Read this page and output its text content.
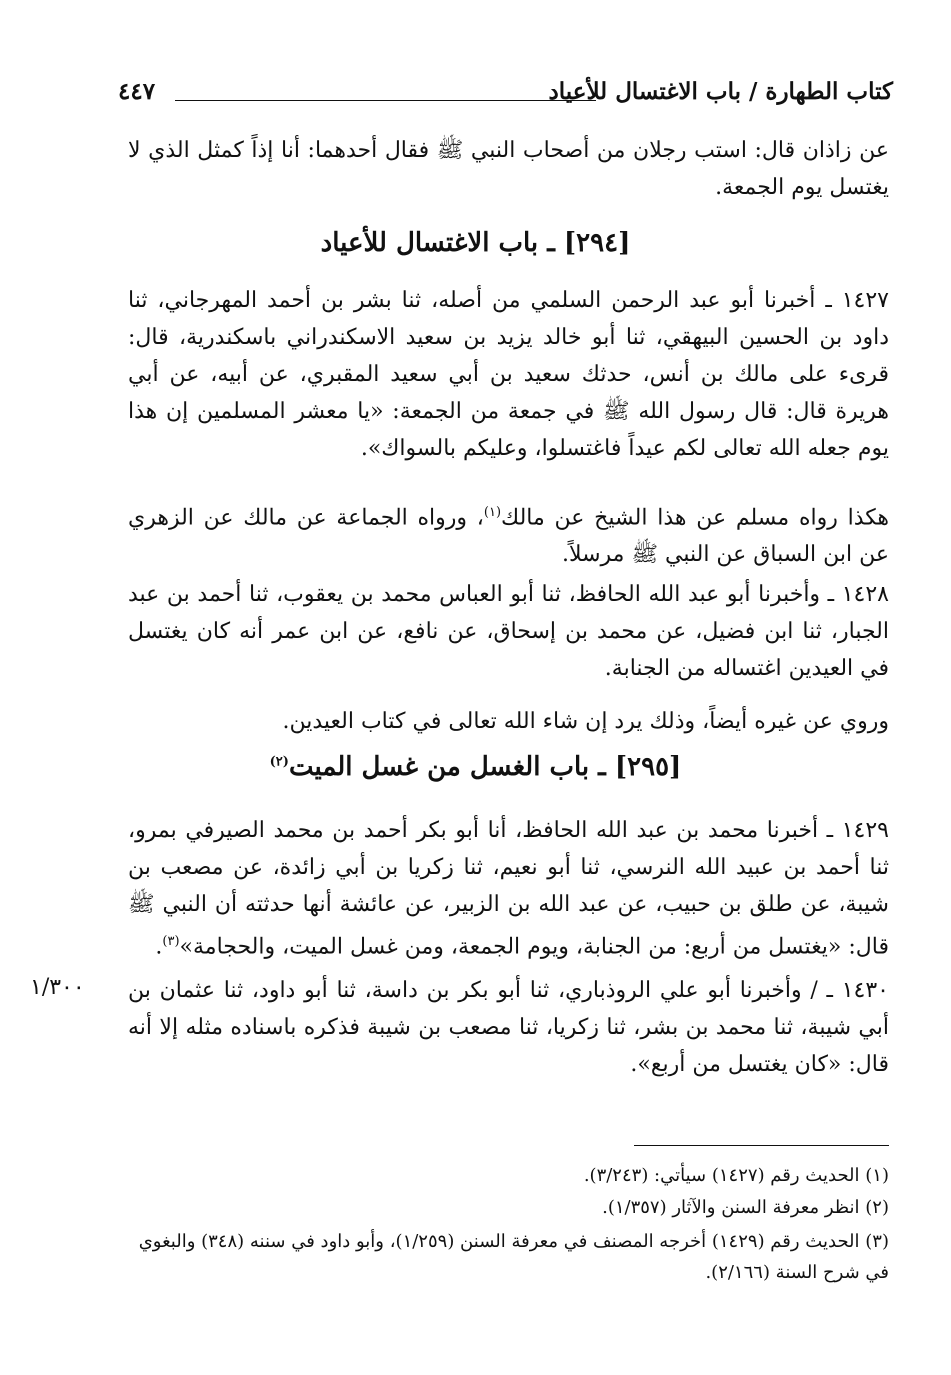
كتاب الطهارة / باب الاغتسال للأعياد
٤٤٧
عن زاذان قال: استب رجلان من أصحاب النبي ﷺ فقال أحدهما: أنا إذاً كمثل الذي لا يغتسل يوم الجمعة.
[٢٩٤] ـ باب الاغتسال للأعياد
١٤٢٧ ـ أخبرنا أبو عبد الرحمن السلمي من أصله، ثنا بشر بن أحمد المهرجاني، ثنا داود بن الحسين البيهقي، ثنا أبو خالد يزيد بن سعيد الاسكندراني باسكندرية، قال: قرىء على مالك بن أنس، حدثك سعيد بن أبي سعيد المقبري، عن أبيه، عن أبي هريرة قال: قال رسول الله ﷺ في جمعة من الجمعة: «يا معشر المسلمين إن هذا يوم جعله الله تعالى لكم عيداً فاغتسلوا، وعليكم بالسواك».
هكذا رواه مسلم عن هذا الشيخ عن مالك$^{(١)}$، ورواه الجماعة عن مالك عن الزهري عن ابن السباق عن النبي ﷺ مرسلاً.
١٤٢٨ ـ وأخبرنا أبو عبد الله الحافظ، ثنا أبو العباس محمد بن يعقوب، ثنا أحمد بن عبد الجبار، ثنا ابن فضيل، عن محمد بن إسحاق، عن نافع، عن ابن عمر أنه كان يغتسل في العيدين اغتساله من الجنابة.
وروي عن غيره أيضاً، وذلك يرد إن شاء الله تعالى في كتاب العيدين.
[٢٩٥] ـ باب الغسل من غسل الميت$^{(٢)}$
١٤٢٩ ـ أخبرنا محمد بن عبد الله الحافظ، أنا أبو بكر أحمد بن محمد الصيرفي بمرو، ثنا أحمد بن عبيد الله النرسي، ثنا أبو نعيم، ثنا زكريا بن أبي زائدة، عن مصعب بن شيبة، عن طلق بن حبيب، عن عبد الله بن الزبير، عن عائشة أنها حدثته أن النبي ﷺ قال: «يغتسل من أربع: من الجنابة، ويوم الجمعة، ومن غسل الميت، والحجامة»$^{(٣)}$.
١٤٣٠ ـ / وأخبرنا أبو علي الروذباري، ثنا أبو بكر بن داسة، ثنا أبو داود، ثنا عثمان بن أبي شيبة، ثنا محمد بن بشر، ثنا زكريا، ثنا مصعب بن شيبة فذكره باسناده مثله إلا أنه قال: «كان يغتسل من أربع».
١/٣٠٠
(١) الحديث رقم (١٤٢٧) سيأتي: (٣/٢٤٣).
(٢) انظر معرفة السنن والآثار (١/٣٥٧).
(٣) الحديث رقم (١٤٢٩) أخرجه المصنف في معرفة السنن (١/٢٥٩)، وأبو داود في سننه (٣٤٨) والبغوي في شرح السنة (٢/١٦٦).
